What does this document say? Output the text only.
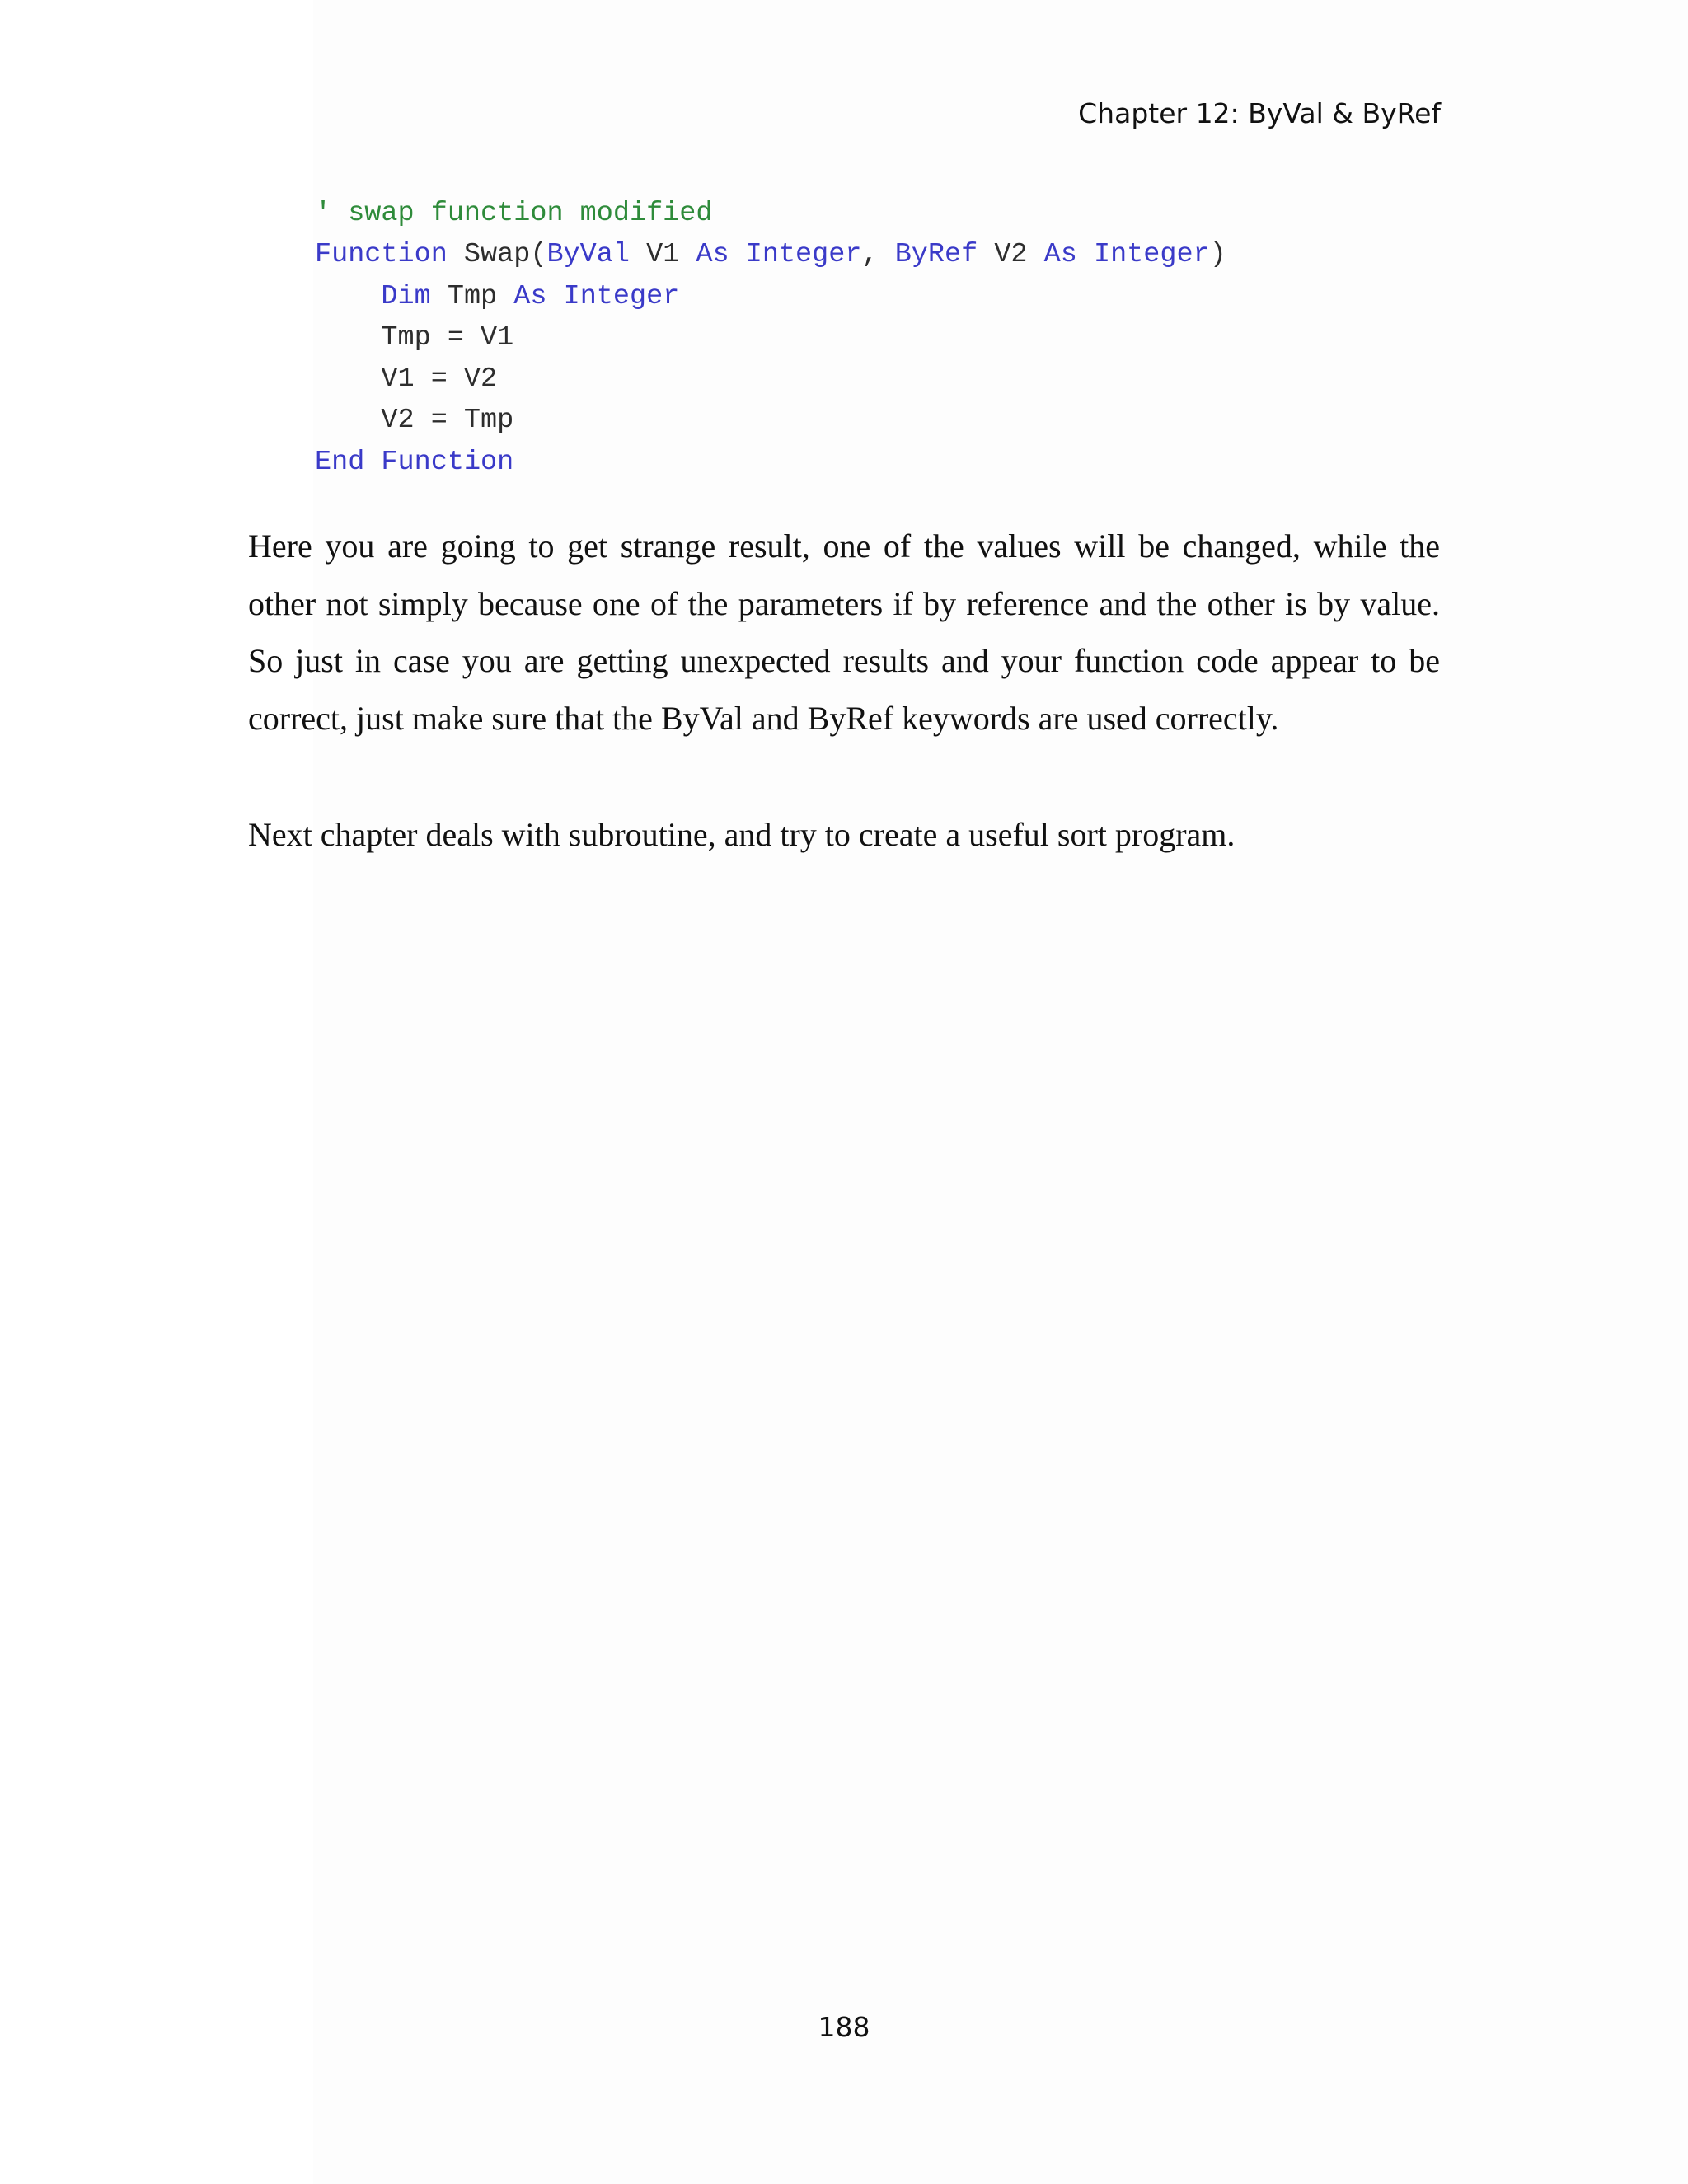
Chapter 12: ByVal & ByRef
' swap function modified
Function Swap(ByVal V1 As Integer, ByRef V2 As Integer)
Dim Tmp As Integer
Tmp = V1
V1 = V2
V2 = Tmp
End Function

Here you are going to get strange result, one of the values will be changed, while the other not simply because one of the parameters if by reference and the other is by value. So just in case you are getting unexpected results and your function code appear to be correct, just make sure that the ByVal and ByRef keywords are used correctly.

Next chapter deals with subroutine, and try to create a useful sort program.

188
